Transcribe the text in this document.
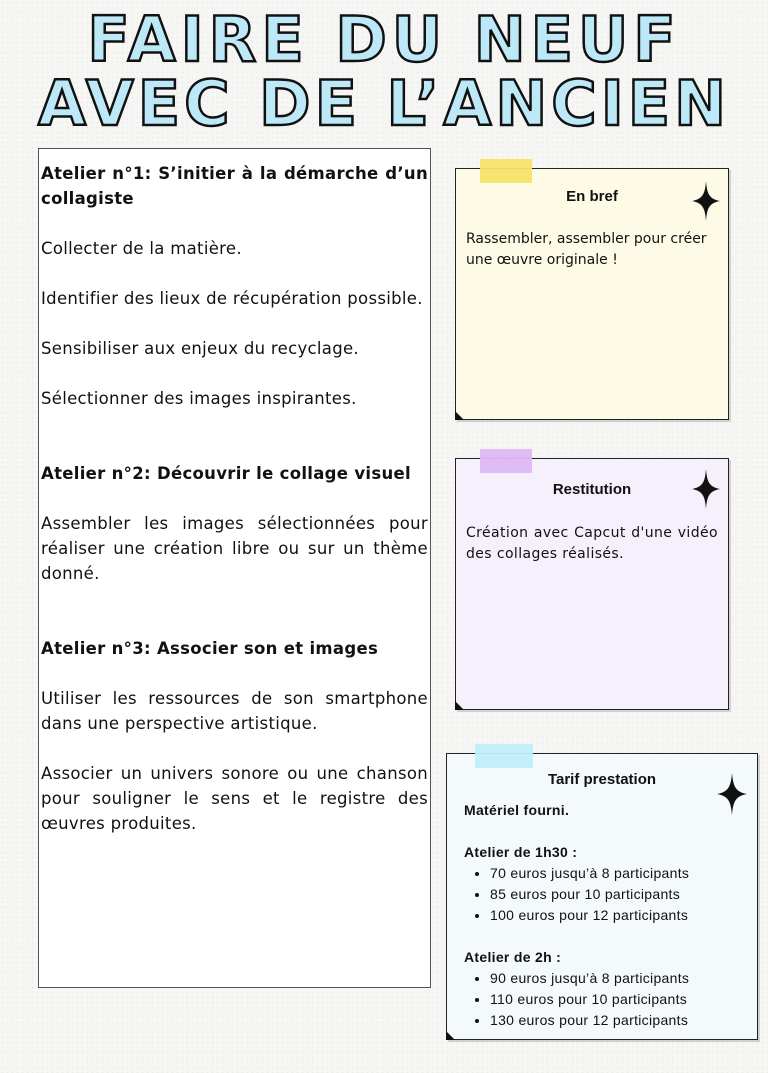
FAIRE DU NEUF
AVEC DE L’ANCIEN

Atelier n°1: S’initier à la démarche d’un collagiste

Collecter de la matière.

Identifier des lieux de récupération possible.

Sensibiliser aux enjeux du recyclage.

Sélectionner des images inspirantes.

Atelier n°2: Découvrir le collage visuel

Assembler les images sélectionnées pour réaliser une création libre ou sur un thème donné.

Atelier n°3: Associer son et images

Utiliser les ressources de son smartphone dans une perspective artistique.

Associer un univers sonore ou une chanson pour souligner le sens et le registre des œuvres produites.

En bref
Rassembler, assembler pour créer une œuvre originale !
Restitution
Création avec Capcut d'une vidéo des collages réalisés.
Tarif prestation
Matériel fourni.
Atelier de 1h30 :
• 70 euros jusqu’à 8 participants
• 85 euros pour 10 participants
• 100 euros pour 12 participants
Atelier de 2h :
• 90 euros jusqu’à 8 participants
• 110 euros pour 10 participants
• 130 euros pour 12 participants
